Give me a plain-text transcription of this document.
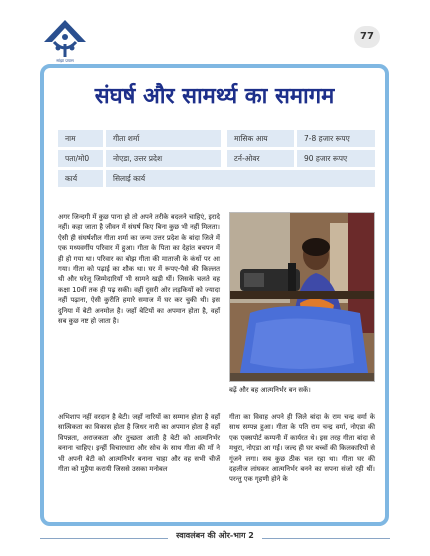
सांझा प्रयास
77
संघर्ष और सामर्थ्य का समागम
नाम	गीता शर्मा	मासिक आय	7-8 हजार रूपए
पता/मो0	नोएडा, उत्तर प्रदेश	टर्न-ओवर	90 हजार रूपए
कार्य	सिलाई कार्य

अगर जिन्दगी में कुछ पाना हो तो अपने तरीके बदलने चाहिएं, इरादे नहीं। कहा जाता है जीवन में संघर्ष किए बिना कुछ भी नहीं मिलता। ऐसी ही संघर्षशील गीता शर्मा का जन्म उत्तर प्रदेश के बांदा जिले में एक मध्यवर्गीय परिवार में हुआ। गीता के पिता का देहांत बचपन में ही हो गया था। परिवार का बोझ गीता की माताजी के कंधों पर आ गया। गीता को पढ़ाई का शौक था। घर में रूपए-पैसे की किल्लत थी और घरेलू जिम्मेदारियाँ भी सामने खड़ी थीं। जिसके चलते वह कक्षा 10वीं तक ही पढ़ सकी। वहीं दूसरी ओर लड़कियों को ज्यादा नहीं पढ़ाना, ऐसी कुरीति हमारे समाज में घर कर चुकी थी। इस दुनिया में बेटी अनमोल है। जहाँ बेटियों का अपमान होता है, वहाँ सब कुछ नष्ट हो जाता है।

बढ़ें और बह आत्मनिर्भर बन सकें।

अभिशाप नहीं वरदान है बेटी। जहाँ नारियों का सम्मान होता है वहाँ सात्विकता का विकास होता है जिधर नारी का अपमान होता है वहाँ विपन्नता, अराजकता और तुच्छता आती है बेटी को आत्मनिर्भर बनाना चाहिए। इन्हीं विचारधारा और सोच के साथ गीता की माँ ने भी अपनी बेटी को आत्मनिर्भर बनाना चाहा और वह सभी चीजें गीता को मुहैया करायी जिससे उसका मनोबल

गीता का विवाह अपने ही जिले बांदा के राम चन्द्र वर्मा के साथ सम्पन्न हुआ। गीता के पति राम चन्द्र वर्मा, नोएडा की एक एक्सपोर्ट कम्पनी में कार्यरत थे। इस तरह गीता बांदा से मथुरा, नोएडा आ गईं। जल्द ही घर बच्चों की किलकारियों से गूंजने लगा। सब कुछ ठीक चल रहा था। गीता घर की दहलीज लांघकर आत्मनिर्भर बनने का सपना संजो रही थीं। परन्तु एक गृहणी होने के

स्वावलंबन की ओर-भाग 2
